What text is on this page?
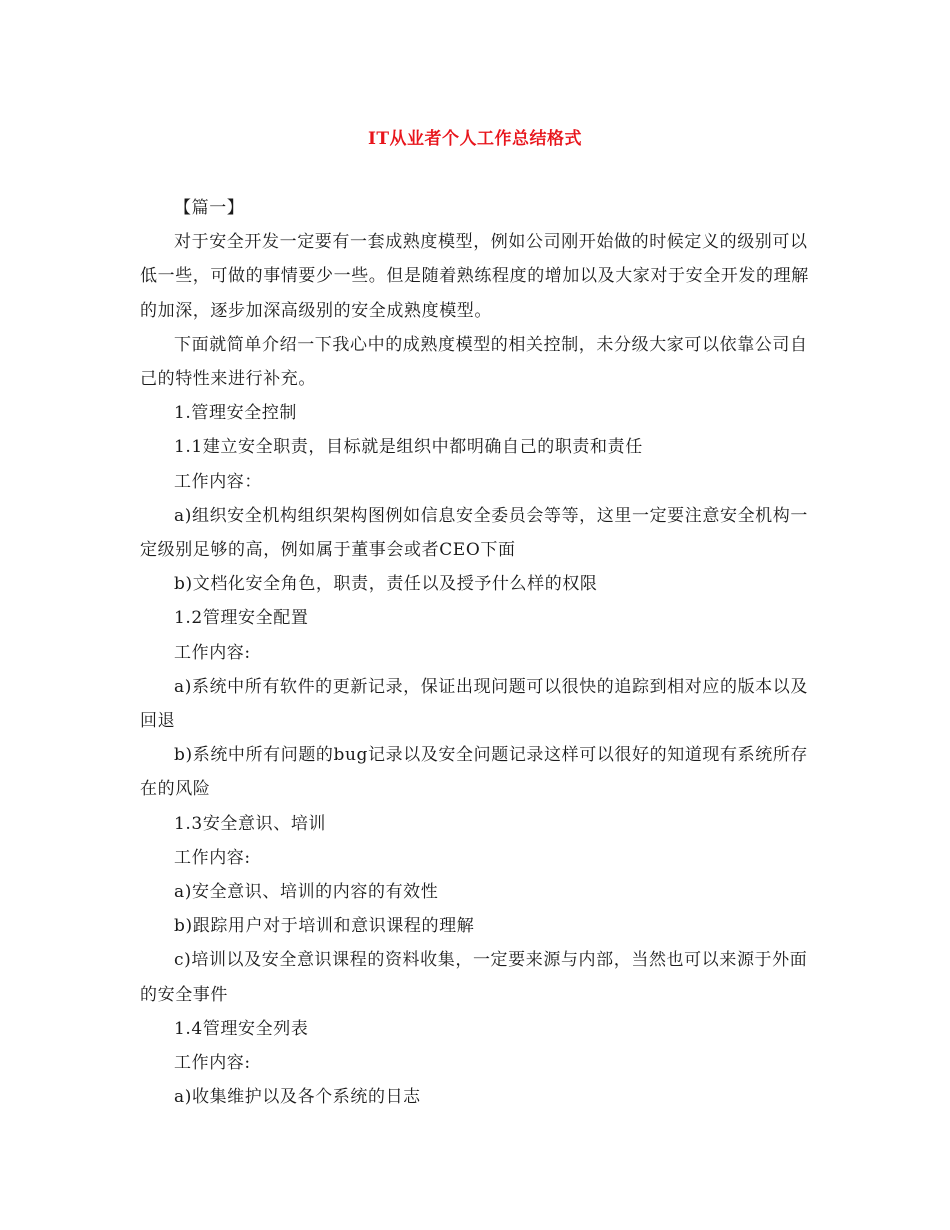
IT从业者个人工作总结格式

【篇一】

对于安全开发一定要有一套成熟度模型，例如公司刚开始做的时候定义的级别可以低一些，可做的事情要少一些。但是随着熟练程度的增加以及大家对于安全开发的理解的加深，逐步加深高级别的安全成熟度模型。

下面就简单介绍一下我心中的成熟度模型的相关控制，未分级大家可以依靠公司自己的特性来进行补充。

1.管理安全控制

1.1建立安全职责，目标就是组织中都明确自己的职责和责任

工作内容：

a)组织安全机构组织架构图例如信息安全委员会等等，这里一定要注意安全机构一定级别足够的高，例如属于董事会或者CEO下面

b)文档化安全角色，职责，责任以及授予什么样的权限

1.2管理安全配置

工作内容:

a)系统中所有软件的更新记录，保证出现问题可以很快的追踪到相对应的版本以及回退

b)系统中所有问题的bug记录以及安全问题记录这样可以很好的知道现有系统所存在的风险

1.3安全意识、培训

工作内容:

a)安全意识、培训的内容的有效性

b)跟踪用户对于培训和意识课程的理解

c)培训以及安全意识课程的资料收集，一定要来源与内部，当然也可以来源于外面的安全事件

1.4管理安全列表

工作内容:

a)收集维护以及各个系统的日志
